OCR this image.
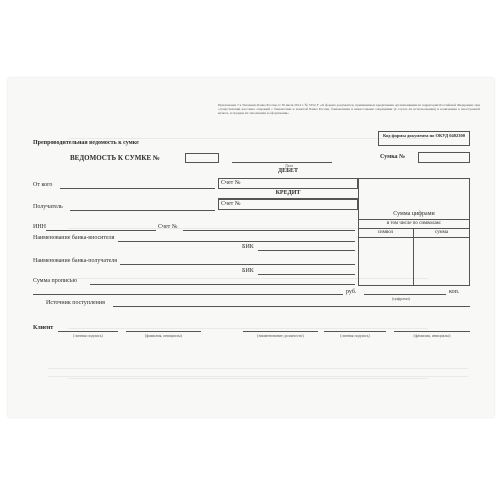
Приложение 7 к Указанию Банка России от 30 июля 2014 г. № 3352-У «О формах документов, применяемых кредитными организациями на территории Российской Федерации, при осуществлении кассовых операций с банкнотами и монетой Банка России, банковскими и инкассовыми операциями (в случае их использования) и наличными в иностранной валюте, и порядке их заполнения и оформления»
Код формы документа по ОКУД 0402300
Препроводительная ведомость к сумке
ВЕДОМОСТЬ К СУМКЕ №
Дата
Сумка №
ДЕБЕТ
От кого	Счет №
КРЕДИТ
Сумма цифрами
в том числе по символам:
символ	сумма
Получатель	Счет №
ИНН	Счет №
Наименование банка-вносителя
БИК
Наименование банка-получателя
БИК
Сумма прописью
руб.	коп.
(цифрами)
Источник поступления
Клиент
(личная подпись)	(фамилия, инициалы)	(наименование должности)	(личная подпись)	(фамилия, инициалы)
